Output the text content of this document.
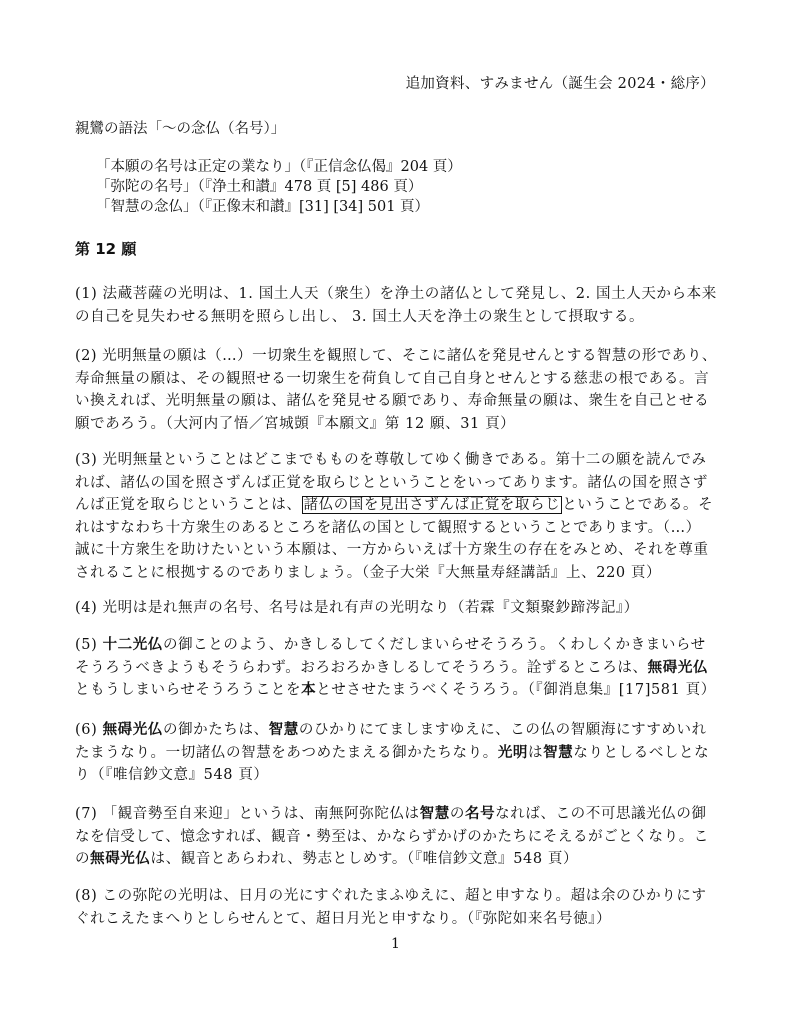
追加資料、すみません（誕生会 2024・総序）
親鸞の語法「～の念仏（名号）」
「本願の名号は正定の業なり」（『正信念仏偈』204 頁）
「弥陀の名号」（『浄土和讃』478 頁 [5] 486 頁）
「智慧の念仏」（『正像末和讃』[31] [34] 501 頁）
第 12 願
(1) 法蔵菩薩の光明は、1. 国土人天（衆生）を浄土の諸仏として発見し、2. 国土人天から本来
の自己を見失わせる無明を照らし出し、 3. 国土人天を浄土の衆生として摂取する。
(2) 光明無量の願は（…）一切衆生を観照して、そこに諸仏を発見せんとする智慧の形であり、
寿命無量の願は、その観照せる一切衆生を荷負して自己自身とせんとする慈悲の根である。言
い換えれば、光明無量の願は、諸仏を発見せる願であり、寿命無量の願は、衆生を自己とせる
願であろう。（大河内了悟／宮城顗『本願文』第 12 願、31 頁）
(3) 光明無量ということはどこまでもものを尊敬してゆく働きである。第十二の願を読んでみ
れば、諸仏の国を照さずんば正覚を取らじとということをいってあります。諸仏の国を照さず
んば正覚を取らじということは、 諸仏の国を見出さずんば正覚を取らじ ということである。そ
れはすなわち十方衆生のあるところを諸仏の国として観照するということであります。（…）
誠に十方衆生を助けたいという本願は、一方からいえば十方衆生の存在をみとめ、それを尊重
されることに根拠するのでありましょう。（金子大栄『大無量寿経講話』上、220 頁）
(4) 光明は是れ無声の名号、名号は是れ有声の光明なり（若霖『文類聚鈔蹄涔記』）
(5) 十二光仏の御ことのよう、かきしるしてくだしまいらせそうろう。くわしくかきまいらせ
そうろうべきようもそうらわず。おろおろかきしるしてそうろう。詮ずるところは、無碍光仏
ともうしまいらせそうろうことを本とせさせたまうべくそうろう。（『御消息集』[17]581 頁）
(6) 無碍光仏の御かたちは、智慧のひかりにてましますゆえに、この仏の智願海にすすめいれ
たまうなり。一切諸仏の智慧をあつめたまえる御かたちなり。光明は智慧なりとしるべしとな
り（『唯信鈔文意』548 頁）
(7) 「観音勢至自来迎」というは、南無阿弥陀仏は智慧の名号なれば、この不可思議光仏の御
なを信受して、憶念すれば、観音・勢至は、かならずかげのかたちにそえるがごとくなり。こ
の無碍光仏は、観音とあらわれ、勢志としめす。（『唯信鈔文意』548 頁）
(8) この弥陀の光明は、日月の光にすぐれたまふゆえに、超と申すなり。超は余のひかりにす
ぐれこえたまへりとしらせんとて、超日月光と申すなり。（『弥陀如来名号徳』）
1
